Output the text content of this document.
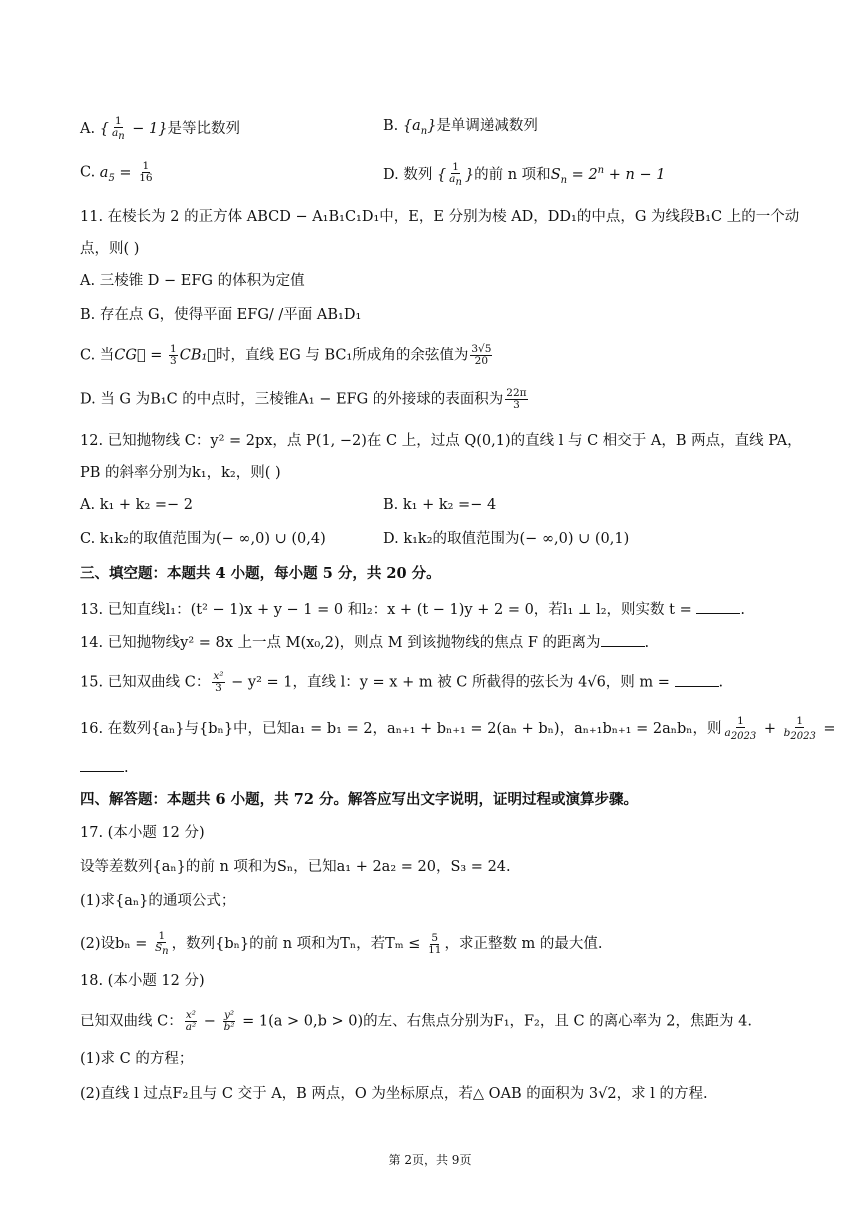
A. { $\frac{1}{a_n} - 1$}是等比数列	B. $\{a_n\}$是单调递减数列
C. $a_5 = \frac{1}{16}$	D. 数列 { $\frac{1}{a_n}$ }的前 n 项和$S_n = 2^n + n - 1$
11. 在棱长为 2 的正方体 ABCD − A₁B₁C₁D₁中，E，E 分别为棱 AD，DD₁的中点，G 为线段B₁C 上的一个动
点，则( )
A. 三棱锥 D − EFG 的体积为定值
B. 存在点 G，使得平面 EFG/ /平面 AB₁D₁
C. 当CG⃗ = $\frac{1}{3}$ CB₁⃗时，直线 EG 与 BC₁所成角的余弦值为 $\frac{3√5}{20}$
D. 当 G 为B₁C 的中点时，三棱锥A₁ − EFG 的外接球的表面积为 $\frac{22\pi}{3}$
12. 已知抛物线 C：y² = 2px，点 P(1, −2)在 C 上，过点 Q(0,1)的直线 l 与 C 相交于 A，B 两点，直线 PA，
PB 的斜率分别为k₁，k₂，则( )
A. k₁ + k₂ =− 2	B. k₁ + k₂ =− 4
C. k₁k₂的取值范围为(− ∞,0) ∪ (0,4)	D. k₁k₂的取值范围为(− ∞,0) ∪ (0,1)
三、填空题：本题共 4 小题，每小题 5 分，共 20 分。
13. 已知直线l₁：(t² − 1)x + y − 1 = 0 和l₂：x + (t − 1)y + 2 = 0，若l₁ ⊥ l₂，则实数 t =	.
14. 已知抛物线y² = 8x 上一点 M(x₀,2)，则点 M 到该抛物线的焦点 F 的距离为	.
15. 已知双曲线 C： $\frac{\text{x²}}{3} - y^2 = 1$，直线 l：y = x + m 被 C 所截得的弦长为 4√6，则 m =	.
16. 在数列{aₙ}与{bₙ}中，已知a₁ = b₁ = 2，aₙ₊₁ + bₙ₊₁ = 2(aₙ + bₙ)，aₙ₊₁bₙ₊₁ = 2aₙbₙ，则 $\frac{1}{a_{2023}} + \frac{1}{b_{2023}}$ =
.
四、解答题：本题共 6 小题，共 72 分。解答应写出文字说明，证明过程或演算步骤。
17. (本小题 12 分)
设等差数列{aₙ}的前 n 项和为Sₙ，已知a₁ + 2a₂ = 20，S₃ = 24.
(1)求{aₙ}的通项公式；
(2)设$b_n = \frac{1}{S_n}$ ，数列{bₙ}的前 n 项和为Tₙ，若$T_m \le \frac{5}{11}$ ，求正整数 m 的最大值.
18. (本小题 12 分)
已知双曲线 C： $\frac{\text{x²}}{\text{a²}} - \frac{\text{y²}}{\text{b²}} = 1(a > 0,b > 0)$的左、右焦点分别为F₁，F₂，且 C 的离心率为 2，焦距为 4.
(1)求 C 的方程；
(2)直线 l 过点F₂且与 C 交于 A，B 两点，O 为坐标原点，若△ OAB 的面积为 3√2，求 l 的方程.
第 2页，共 9页
